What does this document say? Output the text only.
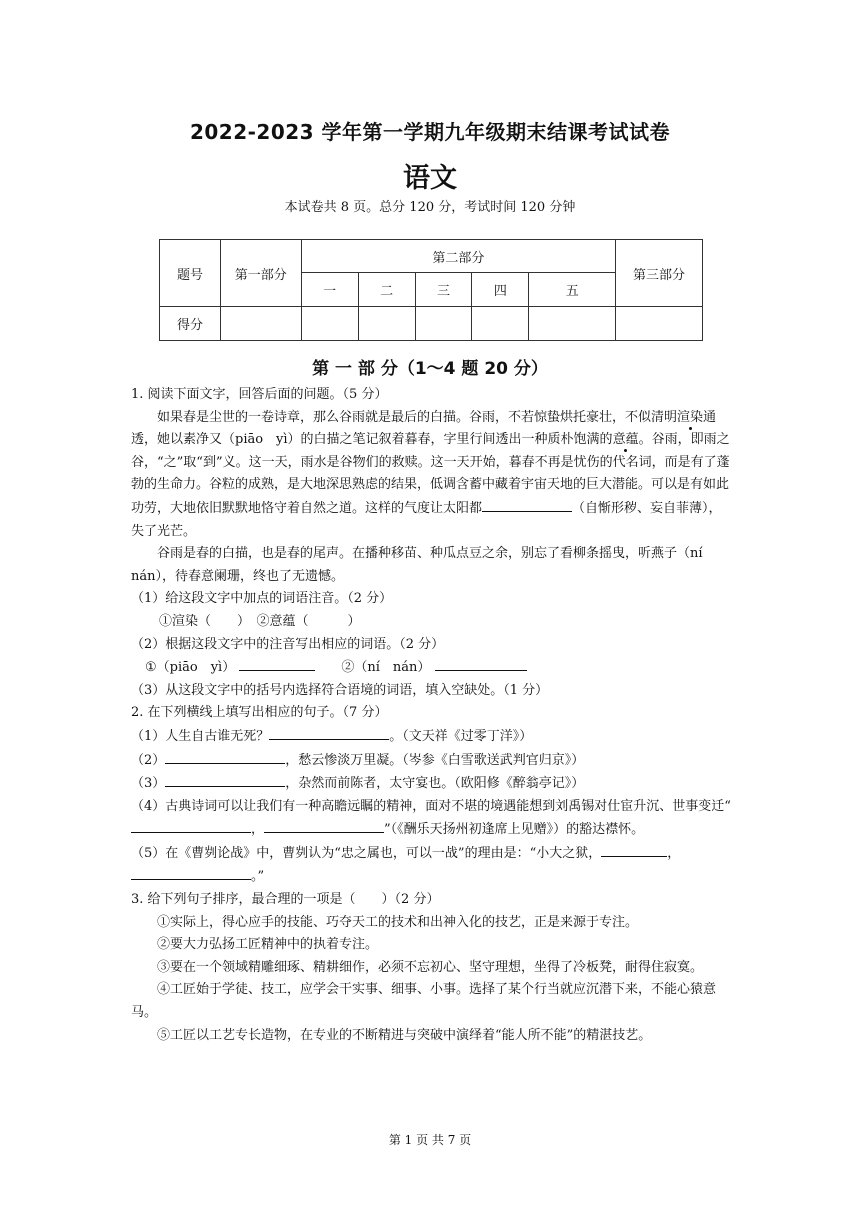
2022-2023 学年第一学期九年级期末结课考试试卷
语文
本试卷共 8 页。总分 120 分，考试时间 120 分钟
题号	第一部分	第二部分					第三部分
		一	二	三	四	五	
得分							
第 一 部 分（1～4 题 20 分）

1. 阅读下面文字，回答后面的问题。（5 分）

如果春是尘世的一卷诗章，那么谷雨就是最后的白描。谷雨，不若惊蛰烘托豪壮，不似清明渲染通透，她以素净又（piāo　yì）的白描之笔记叙着暮春，字里行间透出一种质朴饱满的意蕴。谷雨，即雨之谷，“之”取“到”义。这一天，雨水是谷物们的救赎。这一天开始，暮春不再是忧伤的代名词，而是有了蓬勃的生命力。谷粒的成熟，是大地深思熟虑的结果，低调含蓄中藏着宇宙天地的巨大潜能。可以是有如此功劳，大地依旧默默地恪守着自然之道。这样的气度让太阳都	（自惭形秽、妄自菲薄），失了光芒。

谷雨是春的白描，也是春的尾声。在播种移苗、种瓜点豆之余，别忘了看柳条摇曳，听燕子（ní　nán），待春意阑珊，终也了无遗憾。

（1）给这段文字中加点的词语注音。（2 分）

①渲染（　　）　 ②意蕴（　　　）

（2）根据这段文字中的注音写出相应的词语。（2 分）

①（piāo　yì） 　　	②（ní　nán）

（3）从这段文字中的括号内选择符合语境的词语，填入空缺处。（1 分）

2. 在下列横线上填写出相应的句子。（7 分）

（1）人生自古谁无死？	。（文天祥《过零丁洋》）

（2）	，愁云惨淡万里凝。（岑参《白雪歌送武判官归京》）

（3）	，杂然而前陈者，太守宴也。（欧阳修《醉翁亭记》）

（4）古典诗词可以让我们有一种高瞻远瞩的精神，面对不堪的境遇能想到刘禹锡对仕宦升沉、世事变迁“，	”（《酬乐天扬州初逢席上见赠》）的豁达襟怀。

（5）在《曹刿论战》中，曹刿认为“忠之属也，可以一战”的理由是：“小大之狱，	，。”

3. 给下列句子排序，最合理的一项是（　　）（2 分）

①实际上，得心应手的技能、巧夺天工的技术和出神入化的技艺，正是来源于专注。

②要大力弘扬工匠精神中的执着专注。

③要在一个领域精雕细琢、精耕细作，必须不忘初心、坚守理想，坐得了冷板凳，耐得住寂寞。

④工匠始于学徒、技工，应学会干实事、细事、小事。选择了某个行当就应沉潜下来，不能心猿意马。

⑤工匠以工艺专长造物，在专业的不断精进与突破中演绎着“能人所不能”的精湛技艺。

第 1 页 共 7 页
